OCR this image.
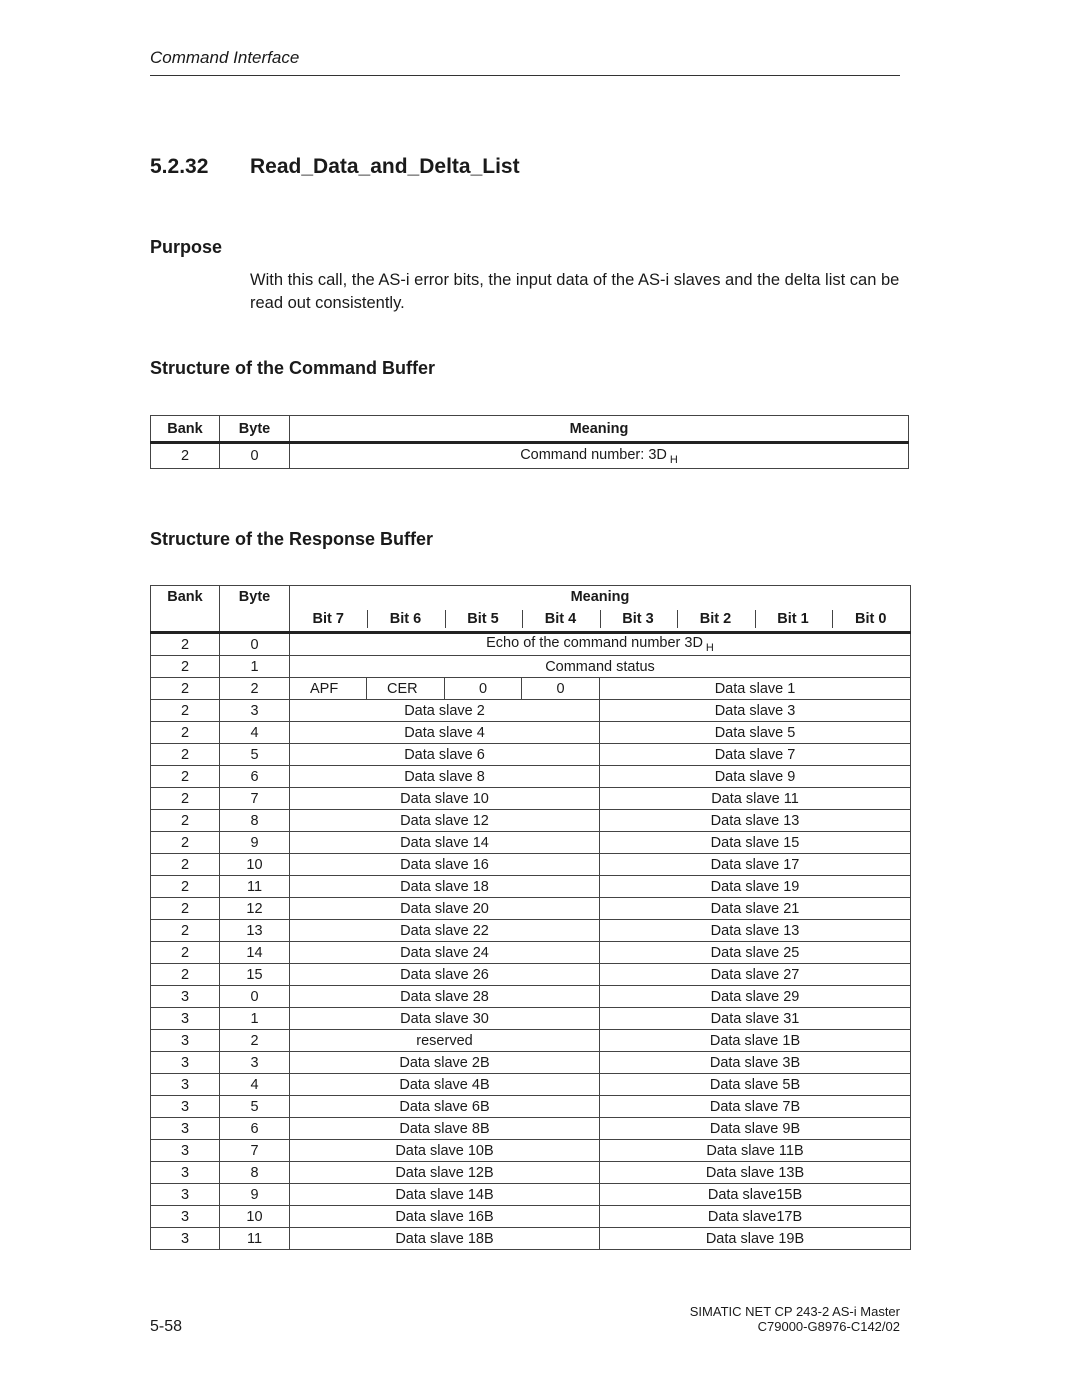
Command Interface
5.2.32 Read_Data_and_Delta_List
Purpose
With this call, the AS-i error bits, the input data of the AS-i slaves and the delta list can be read out consistently.
Structure of the Command Buffer
Bank	Byte	Meaning
2	0	Command number: 3D $_H$
Structure of the Response Buffer
Bank	Byte	Meaning							
		Bit 7	Bit 6	Bit 5	Bit 4	Bit 3	Bit 2	Bit 1	Bit 0
2	0	Echo of the command number 3D $_H$
2	1	Command status							
2	2	APF	CER	0	0	Data slave 1			
2	3	Data slave 2				Data slave 3			
2	4	Data slave 4				Data slave 5			
2	5	Data slave 6				Data slave 7			
2	6	Data slave 8				Data slave 9			
2	7	Data slave 10				Data slave 11			
2	8	Data slave 12				Data slave 13			
2	9	Data slave 14				Data slave 15			
2	10	Data slave 16				Data slave 17			
2	11	Data slave 18				Data slave 19			
2	12	Data slave 20				Data slave 21			
2	13	Data slave 22				Data slave 13			
2	14	Data slave 24				Data slave 25			
2	15	Data slave 26				Data slave 27			
3	0	Data slave 28				Data slave 29			
3	1	Data slave 30				Data slave 31			
3	2	reserved				Data slave 1B			
3	3	Data slave 2B				Data slave 3B			
3	4	Data slave 4B				Data slave 5B			
3	5	Data slave 6B				Data slave 7B			
3	6	Data slave 8B				Data slave 9B			
3	7	Data slave 10B				Data slave 11B			
3	8	Data slave 12B				Data slave 13B			
3	9	Data slave 14B				Data slave15B			
3	10	Data slave 16B				Data slave17B			
3	11	Data slave 18B				Data slave 19B			
5-58
SIMATIC NET CP 243-2 AS-i Master
C79000-G8976-C142/02
